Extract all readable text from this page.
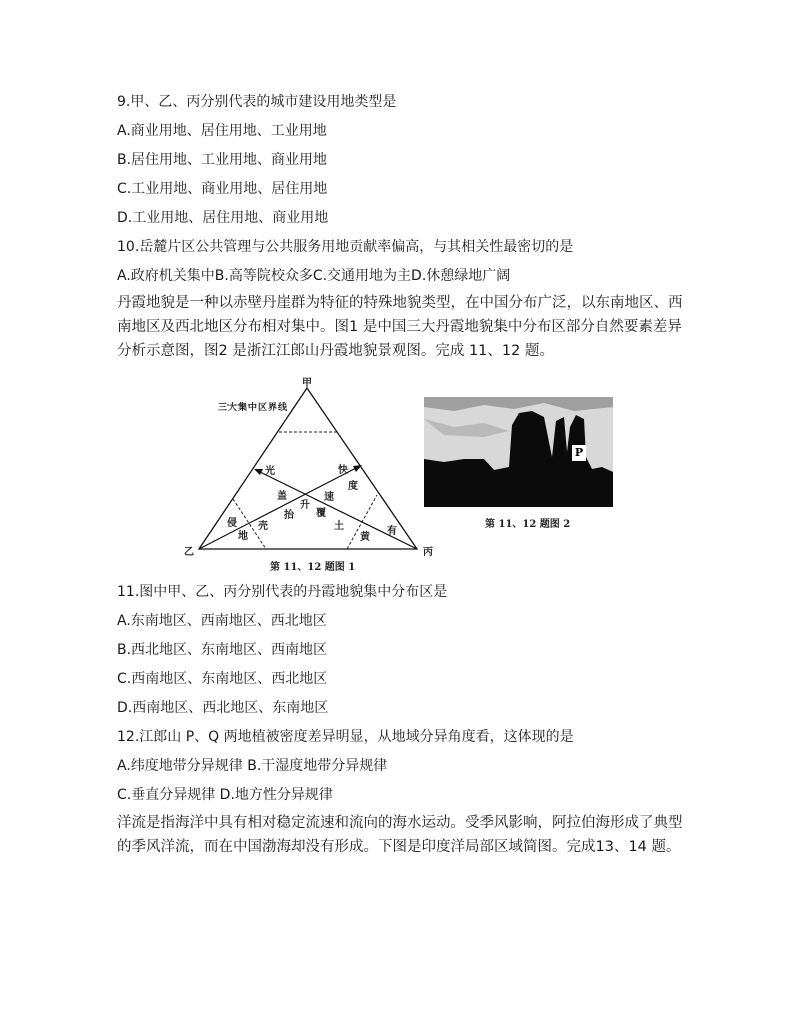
9.甲、乙、丙分别代表的城市建设用地类型是
A.商业用地、居住用地、工业用地
B.居住用地、工业用地、商业用地
C.工业用地、商业用地、居住用地
D.工业用地、居住用地、商业用地
10.岳麓片区公共管理与公共服务用地贡献率偏高，与其相关性最密切的是
A.政府机关集中B.高等院校众多C.交通用地为主D.休憩绿地广阔
丹霞地貌是一种以赤壁丹崖群为特征的特殊地貌类型，在中国分布广泛，以东南地区、西
南地区及西北地区分布相对集中。图1 是中国三大丹霞地貌集中分布区部分自然要素差异
分析示意图，图2 是浙江江郎山丹霞地貌景观图。完成 11、12 题。
三大集中区界线
甲
乙	丙
光	快
度
盖	速
升
覆
抬
壳
侵
地
土
黄
有
第 11、12 题图 1
P
第 11、12 题图 2
11.图中甲、乙、丙分别代表的丹霞地貌集中分布区是
A.东南地区、西南地区、西北地区
B.西北地区、东南地区、西南地区
C.西南地区、东南地区、西北地区
D.西南地区、西北地区、东南地区
12.江郎山 P、Q 两地植被密度差异明显，从地域分异角度看，这体现的是
A.纬度地带分异规律 B.干湿度地带分异规律
C.垂直分异规律 D.地方性分异规律
洋流是指海洋中具有相对稳定流速和流向的海水运动。受季风影响，阿拉伯海形成了典型
的季风洋流，而在中国渤海却没有形成。下图是印度洋局部区域简图。完成13、14 题。
